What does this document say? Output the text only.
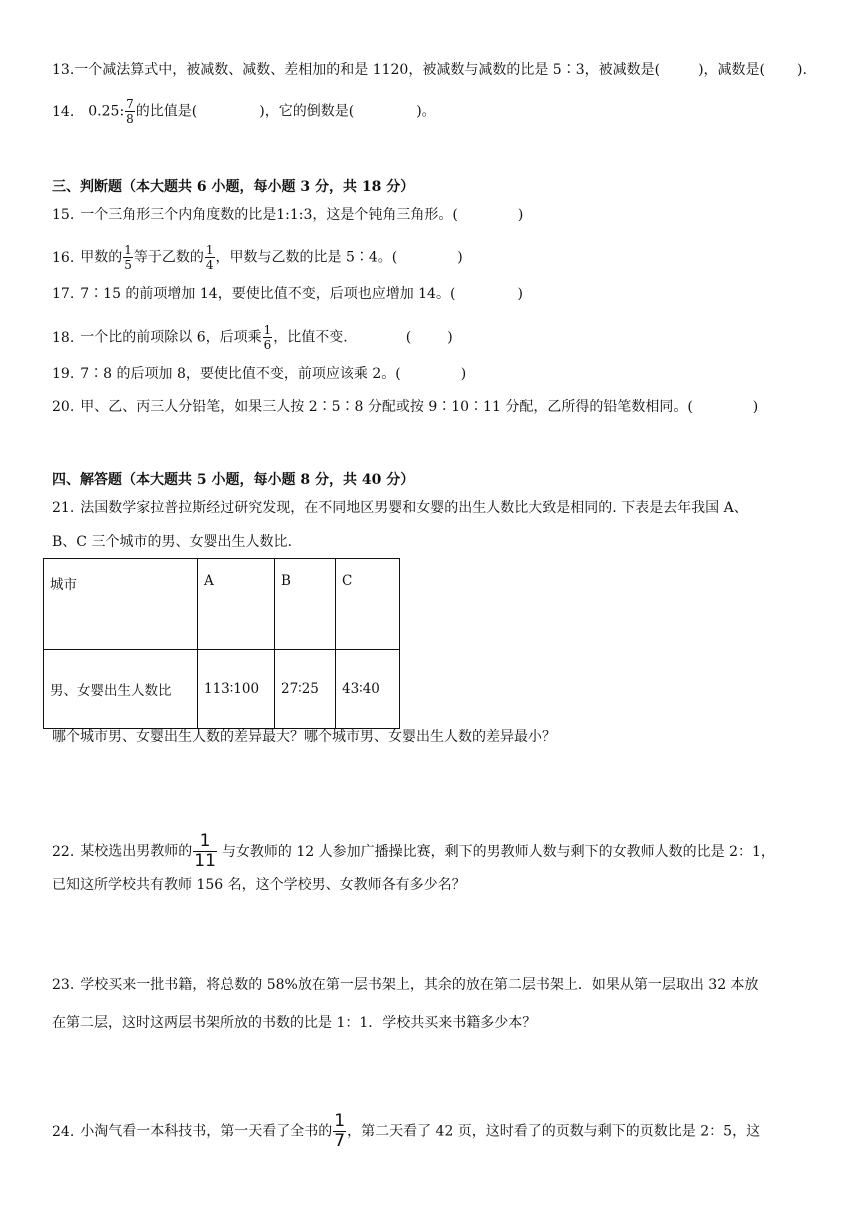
13.一个减法算式中，被减数、减数、差相加的和是 1120，被减数与减数的比是 5∶3，被减数是(	)，减数是( ).
14. 0.25: $\frac{7}{8}$ 的比值是(	)，它的倒数是(	)。
三、判断题（本大题共 6 小题，每小题 3 分，共 18 分）
15. 一个三角形三个内角度数的比是1:1:3，这是个钝角三角形。(	)
16. 甲数的 $\frac{1}{5}$ 等于乙数的 $\frac{1}{4}$ ，甲数与乙数的比是 5∶4。(	)
17. 7∶15 的前项增加 14，要使比值不变，后项也应增加 14。(	)
18. 一个比的前项除以 6，后项乘 $\frac{1}{6}$ ，比值不变.	(	)
19. 7∶8 的后项加 8，要使比值不变，前项应该乘 2。(	)
20. 甲、乙、丙三人分铅笔，如果三人按 2∶5∶8 分配或按 9∶10∶11 分配，乙所得的铅笔数相同。(	)
四、解答题（本大题共 5 小题，每小题 8 分，共 40 分）
21. 法国数学家拉普拉斯经过研究发现，在不同地区男婴和女婴的出生人数比大致是相同的. 下表是去年我国 A、
B、C 三个城市的男、女婴出生人数比.
城市	A	B	C
男、女婴出生人数比	113∶100	27∶25	43∶40
哪个城市男、女婴出生人数的差异最大？哪个城市男、女婴出生人数的差异最小？
22. 某校选出男教师的 $\frac{1}{11}$ 与女教师的 12 人参加广播操比赛，剩下的男教师人数与剩下的女教师人数的比是 2：1，
已知这所学校共有教师 156 名，这个学校男、女教师各有多少名？
23. 学校买来一批书籍，将总数的 58%放在第一层书架上，其余的放在第二层书架上．如果从第一层取出 32 本放
在第二层，这时这两层书架所放的书数的比是 1：1．学校共买来书籍多少本？
24. 小淘气看一本科技书，第一天看了全书的 $\frac{1}{7}$ ，第二天看了 42 页，这时看了的页数与剩下的页数比是 2：5，这
